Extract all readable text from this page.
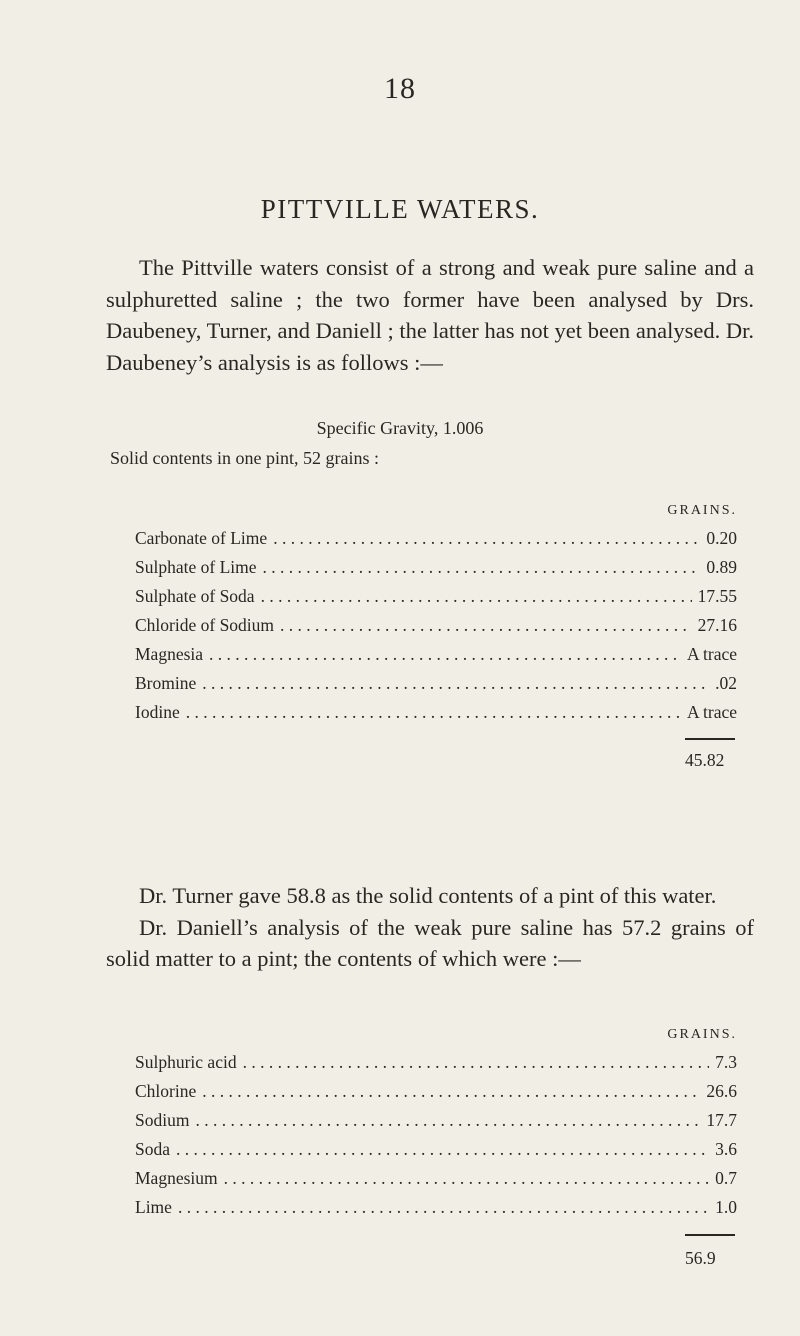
18
PITTVILLE WATERS.

The Pittville waters consist of a strong and weak pure saline and a sulphuretted saline ; the two former have been analysed by Drs. Daubeney, Turner, and Daniell ; the latter has not yet been analysed. Dr. Daubeney’s analysis is as follows :—

Specific Gravity, 1.006
Solid contents in one pint, 52 grains :
GRAINS.
Carbonate of Lime . . .	0.20
Sulphate of Lime . . .	0.89
Sulphate of Soda . . .	17.55
Chloride of Sodium . . .	27.16
Magnesia . . .	A trace
Bromine . . .	.02
Iodine . . .	A trace
45.82

Dr. Turner gave 58.8 as the solid contents of a pint of this water.

Dr. Daniell’s analysis of the weak pure saline has 57.2 grains of solid matter to a pint; the contents of which were :—

GRAINS.
Sulphuric acid . . .	7.3
Chlorine . . .	26.6
Sodium . . .	17.7
Soda . . .	3.6
Magnesium . . .	0.7
Lime . . .	1.0
56.9
